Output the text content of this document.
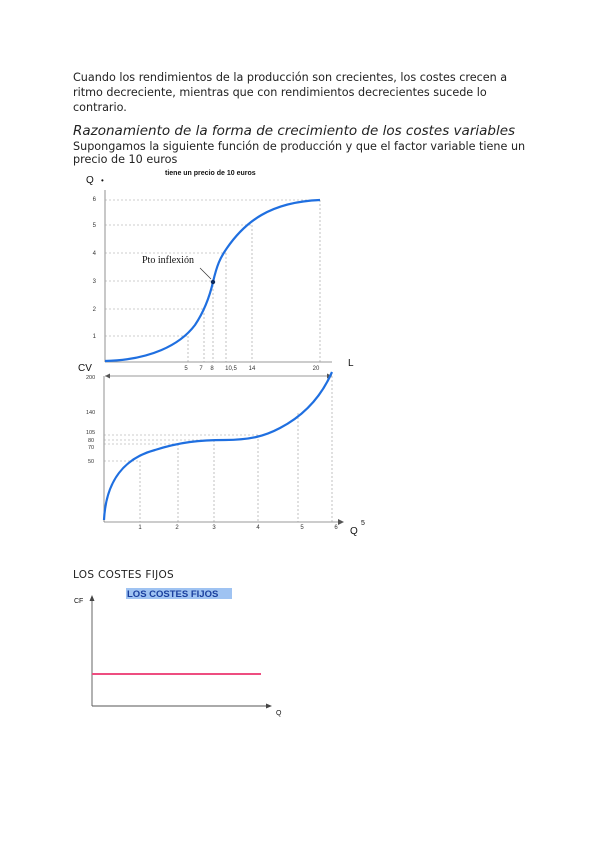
Cuando los rendimientos de la producción son crecientes, los costes crecen a ritmo decreciente, mientras que con rendimientos decrecientes sucede lo contrario.
Razonamiento de la forma de crecimiento de los costes variables
Supongamos la siguiente función de producción y que el factor variable tiene un precio de 10 euros
tiene un precio de 10 euros
Q •
L
1
2
3
4
5
6
5 7 8 10,5 14	20
Pto inflexión
CV
200
140
105
80
70
50
1	2	3	4	5	6 Q
5
LOS COSTES FIJOS
CF
Q
LOS COSTES FIJOS
